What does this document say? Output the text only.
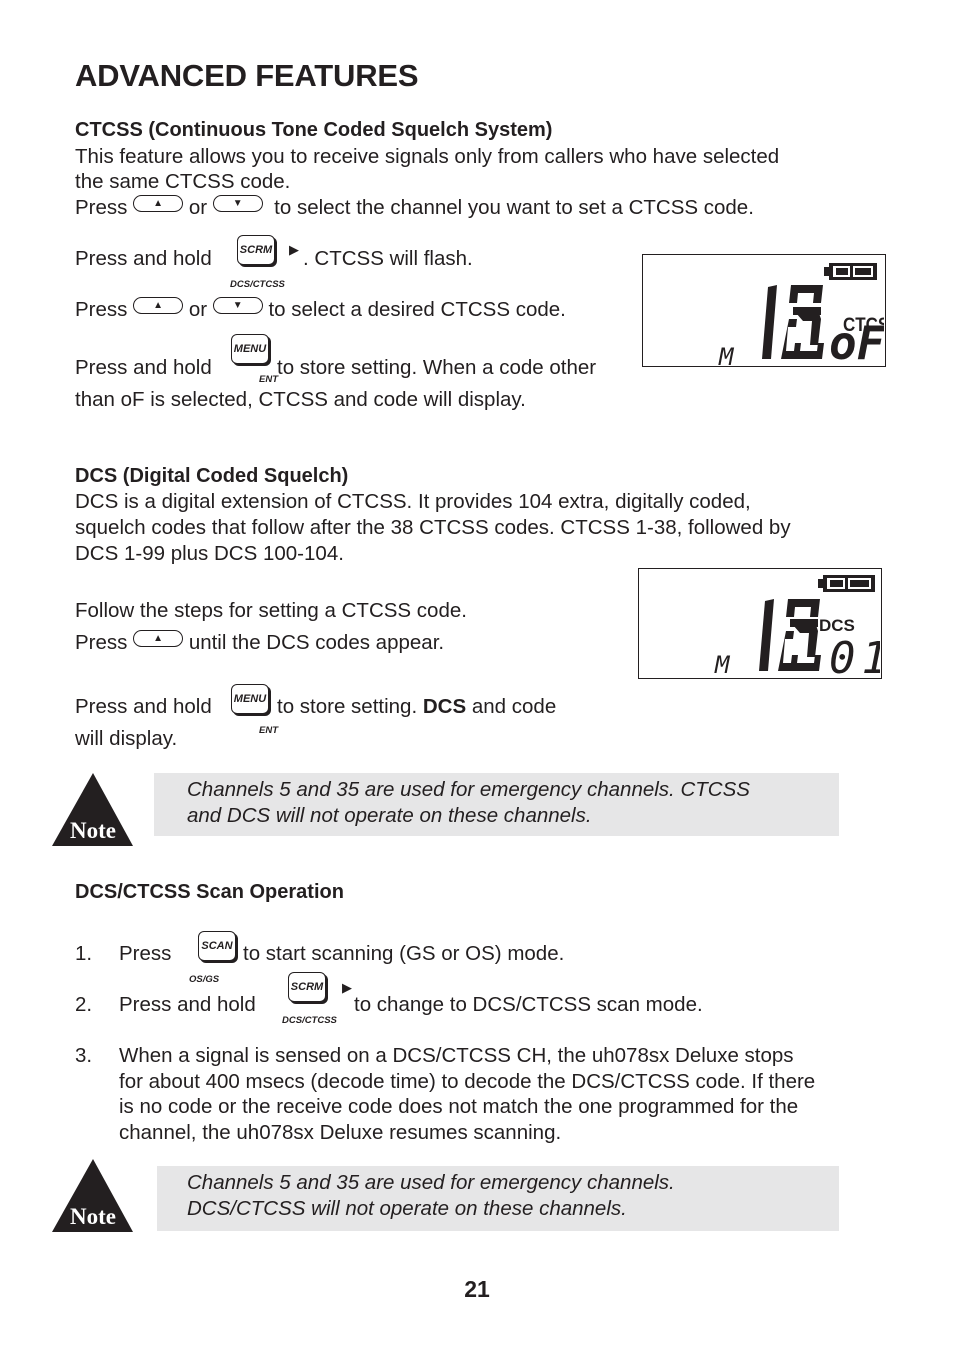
ADVANCED FEATURES
CTCSS (Continuous Tone Coded Squelch System)
This feature allows you to receive signals only from callers who have selected
the same CTCSS code.
Press	▲ or	▼ to select the channel you want to set a CTCSS code.
Press and hold	SCRM
DCS/CTCSS
▶ . CTCSS will flash.
Press	▲ or	▼ to select a desired CTCSS code.
Press and hold
MENU
ENT
to store setting. When a code other
than oF is selected, CTCSS and code will display.
M
CTC
oF
DCS (Digital Coded Squelch)
DCS is a digital extension of CTCSS. It provides 104 extra, digitally coded,
squelch codes that follow after the 38 CTCSS codes. CTCSS 1-38, followed by
DCS 1-99 plus DCS 100-104.
Follow the steps for setting a CTCSS code.
Press	▲ until the DCS codes appear.
Press and hold MENU
ENT
to store setting. DCS and code
will display.
M
DCS
0
Note
Channels 5 and 35 are used for emergency channels. CTCSS
and DCS will not operate on these channels.
DCS/CTCSS Scan Operation
1. Press	SCAN
OS/GS
to start scanning (GS or OS) mode.
2. Press and hold
SCRM
DCS/CTCSS
▶
to change to DCS/CTCSS scan mode.
3. When a signal is sensed on a DCS/CTCSS CH, the uh078sx Deluxe stops
for about 400 msecs (decode time) to decode the DCS/CTCSS code. If there
is no code or the receive code does not match the one programmed for the
channel, the uh078sx Deluxe resumes scanning.
Note
Channels 5 and 35 are used for emergency channels.
DCS/CTCSS will not operate on these channels.
21
